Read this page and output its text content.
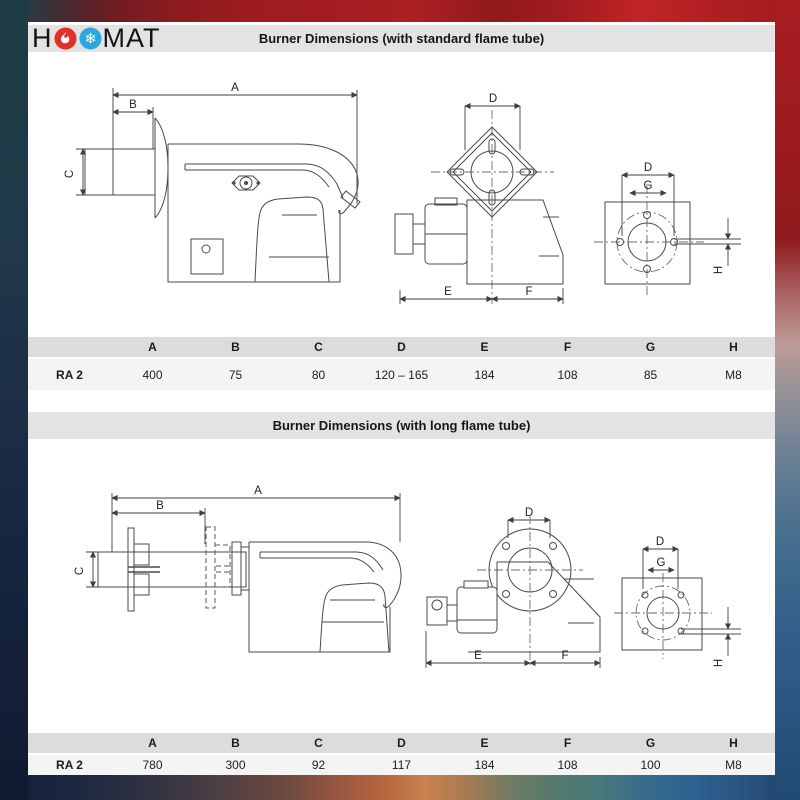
H ❄ MAT	Burner Dimensions (with standard flame tube)
A
B
C
D
E	F
D
G
H
A	B	C	D	E	F	G	H
RA 2	400	75	80	120 – 165	184	108	85	M8
Burner Dimensions (with long flame tube)
A
B
C
D
E	F
D
G
H
A	B	C	D	E	F	G	H
RA 2	780	300	92	117	184	108	100	M8
